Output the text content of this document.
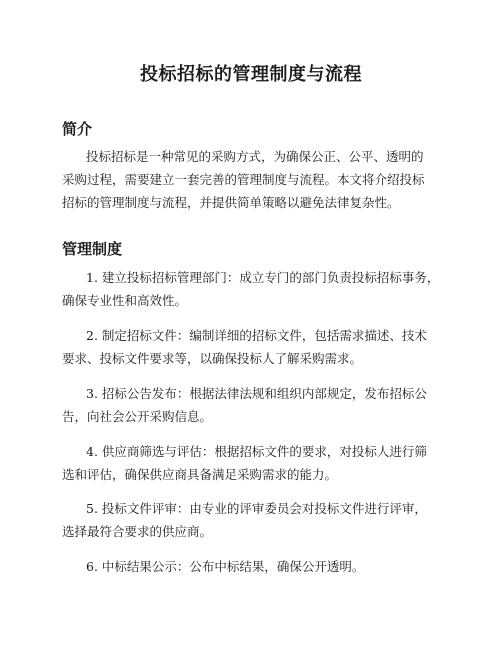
投标招标的管理制度与流程
简介
投标招标是一种常见的采购方式，为确保公正、公平、透明的
采购过程，需要建立一套完善的管理制度与流程。本文将介绍投标
招标的管理制度与流程，并提供简单策略以避免法律复杂性。
管理制度
1. 建立投标招标管理部门：成立专门的部门负责投标招标事务，
确保专业性和高效性。
2. 制定招标文件：编制详细的招标文件，包括需求描述、技术
要求、投标文件要求等，以确保投标人了解采购需求。
3. 招标公告发布：根据法律法规和组织内部规定，发布招标公
告，向社会公开采购信息。
4. 供应商筛选与评估：根据招标文件的要求，对投标人进行筛
选和评估，确保供应商具备满足采购需求的能力。
5. 投标文件评审：由专业的评审委员会对投标文件进行评审，
选择最符合要求的供应商。
6. 中标结果公示：公布中标结果，确保公开透明。
